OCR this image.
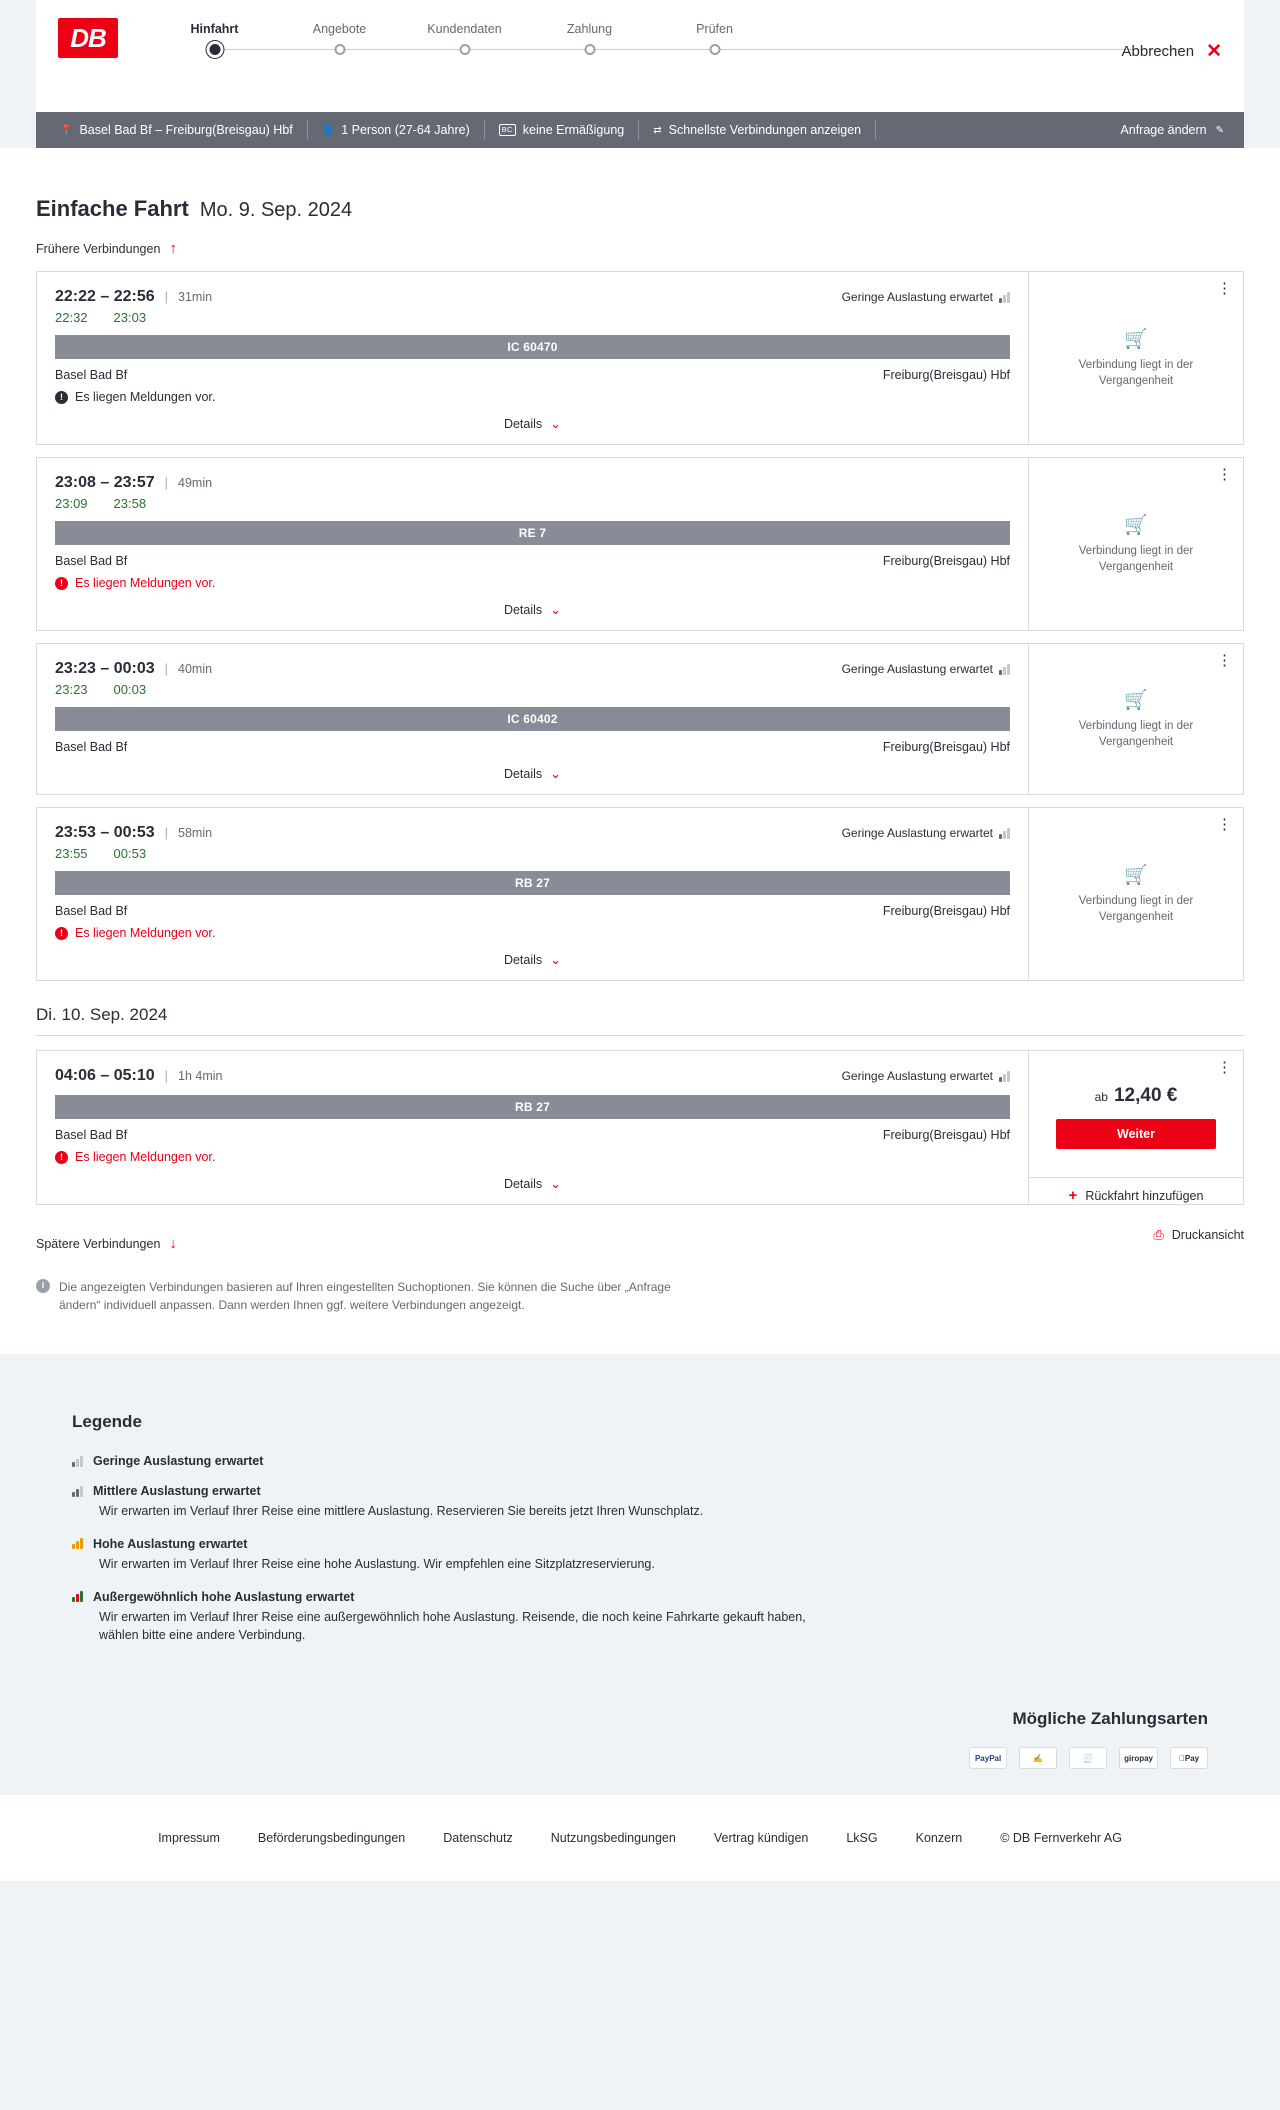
DB	Hinfahrt	Angebote	Kundendaten	Zahlung	Prüfen
Abbrechen ✕
📍 Basel Bad Bf – Freiburg(Breisgau) Hbf	👤 1 Person (27-64 Jahre)	BC keine Ermäßigung	⇄ Schnellste Verbindungen anzeigen	Anfrage ändern ✎
Einfache Fahrt Mo. 9. Sep. 2024
Frühere Verbindungen ↑
22:22 – 22:56 | 31min	Geringe Auslastung erwartet
22:32 23:03
IC 60470
Basel Bad Bf	Freiburg(Breisgau) Hbf
! Es liegen Meldungen vor.
Details ⌄
⋮
🛒
Verbindung liegt in der Vergangenheit
23:08 – 23:57 | 49min
23:09 23:58
RE 7
Basel Bad Bf	Freiburg(Breisgau) Hbf
! Es liegen Meldungen vor.
Details ⌄
⋮
🛒
Verbindung liegt in der Vergangenheit
23:23 – 00:03 | 40min	Geringe Auslastung erwartet
23:23 00:03
IC 60402
Basel Bad Bf	Freiburg(Breisgau) Hbf
Details ⌄
⋮
🛒
Verbindung liegt in der Vergangenheit
23:53 – 00:53 | 58min	Geringe Auslastung erwartet
23:55 00:53
RB 27
Basel Bad Bf	Freiburg(Breisgau) Hbf
! Es liegen Meldungen vor.
Details ⌄
⋮
🛒
Verbindung liegt in der Vergangenheit
Di. 10. Sep. 2024
04:06 – 05:10 | 1h 4min	Geringe Auslastung erwartet
RB 27
Basel Bad Bf	Freiburg(Breisgau) Hbf
! Es liegen Meldungen vor.
Details ⌄
⋮
ab 12,40 €
Weiter
+ Rückfahrt hinzufügen
Spätere Verbindungen ↓
⎙ Druckansicht
i	Die angezeigten Verbindungen basieren auf Ihren eingestellten Suchoptionen. Sie können die Suche über „Anfrage ändern“ individuell anpassen. Dann werden Ihnen ggf. weitere Verbindungen angezeigt.
Legende
Geringe Auslastung erwartet
Mittlere Auslastung erwartet
Wir erwarten im Verlauf Ihrer Reise eine mittlere Auslastung. Reservieren Sie bereits jetzt Ihren Wunschplatz.
Hohe Auslastung erwartet
Wir erwarten im Verlauf Ihrer Reise eine hohe Auslastung. Wir empfehlen eine Sitzplatzreservierung.
Außergewöhnlich hohe Auslastung erwartet
Wir erwarten im Verlauf Ihrer Reise eine außergewöhnlich hohe Auslastung. Reisende, die noch keine Fahrkarte gekauft haben, wählen bitte eine andere Verbindung.
Mögliche Zahlungsarten
PayPal	✍	🧾	giropay	Pay
Impressum	Beförderungsbedingungen	Datenschutz	Nutzungsbedingungen	Vertrag kündigen	LkSG	Konzern	© DB Fernverkehr AG
